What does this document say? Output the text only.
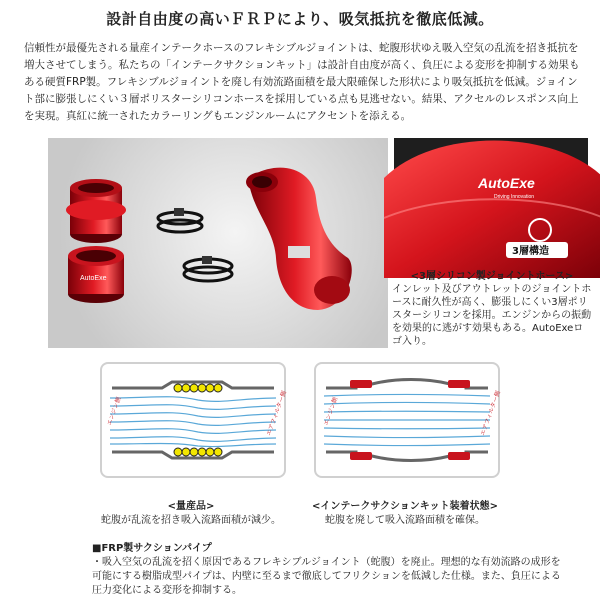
設計自由度の高いＦＲＰにより、吸気抵抗を徹底低減。
信頼性が最優先される量産インテークホースのフレキシブルジョイントは、蛇腹形状ゆえ吸入空気の乱流を招き抵抗を増大させてしまう。私たちの「インテークサクションキット」は設計自由度が高く、負圧による変形を抑制する効果もある硬質FRP製。フレキシブルジョイントを廃し有効流路面積を最大限確保した形状により吸気抵抗を低減。ジョイント部に膨張しにくい３層ポリスターシリコンホースを採用している点も見逃せない。結果、アクセルのレスポンス向上を実現。真紅に統一されたカラーリングもエンジンルームにアクセントを添える。
AutoExe
AutoExe
Driving Innovation
3層構造
<3層シリコン製ジョイントホース>
インレット及びアウトレットのジョイントホースに耐久性が高く、膨張しにくい3層ポリスターシリコンを採用。エンジンからの振動を効果的に逃がす効果もある。AutoExeロゴ入り。
エンジン側	エアフィルター側
<量産品>
蛇腹が乱流を招き吸入流路面積が減少。
エンジン側	エアフィルター側
<インテークサクションキット装着状態>
蛇腹を廃して吸入流路面積を確保。
■FRP製サクションパイプ
・吸入空気の乱流を招く原因であるフレキシブルジョイント（蛇腹）を廃止。理想的な有効流路の成形を可能にする樹脂成型パイプは、内壁に至るまで徹底してフリクションを低減した仕様。また、負圧による圧力変化による変形を抑制する。
